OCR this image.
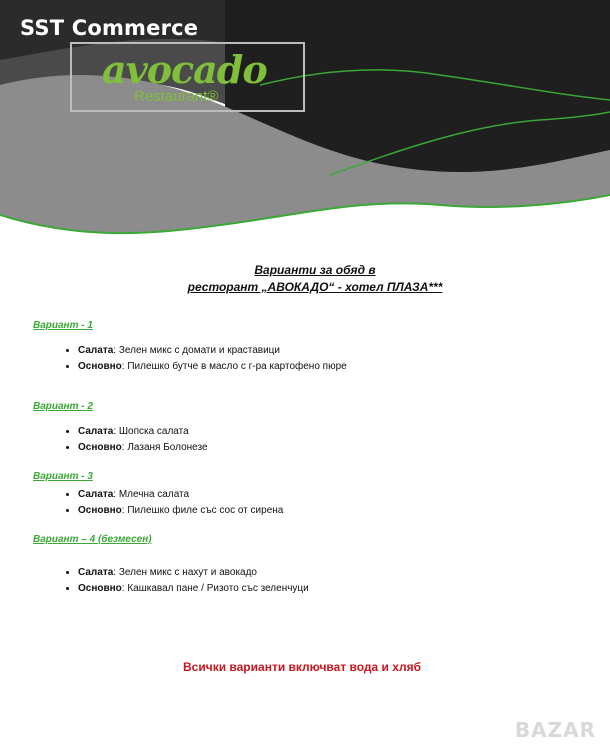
SST Commerce
avocado
Restaurant®
Варианти за обяд в
ресторант „АВОКАДО“ - хотел ПЛАЗА***
Вариант - 1
• Салата: Зелен микс с домати и краставици
• Основно: Пилешко бутче в масло с г-ра картофено пюре
Вариант - 2
• Салата: Шопска салата
• Основно: Лазаня Болонезе
Вариант - 3
• Салата: Млечна салата
• Основно: Пилешко филе със сос от сирена
Вариант – 4 (безмесен)
• Салата: Зелен микс с нахут и авокадо
• Основно: Кашкавал пане / Ризото със зеленчуци
Всички варианти включват вода и хляб
BAZAR
